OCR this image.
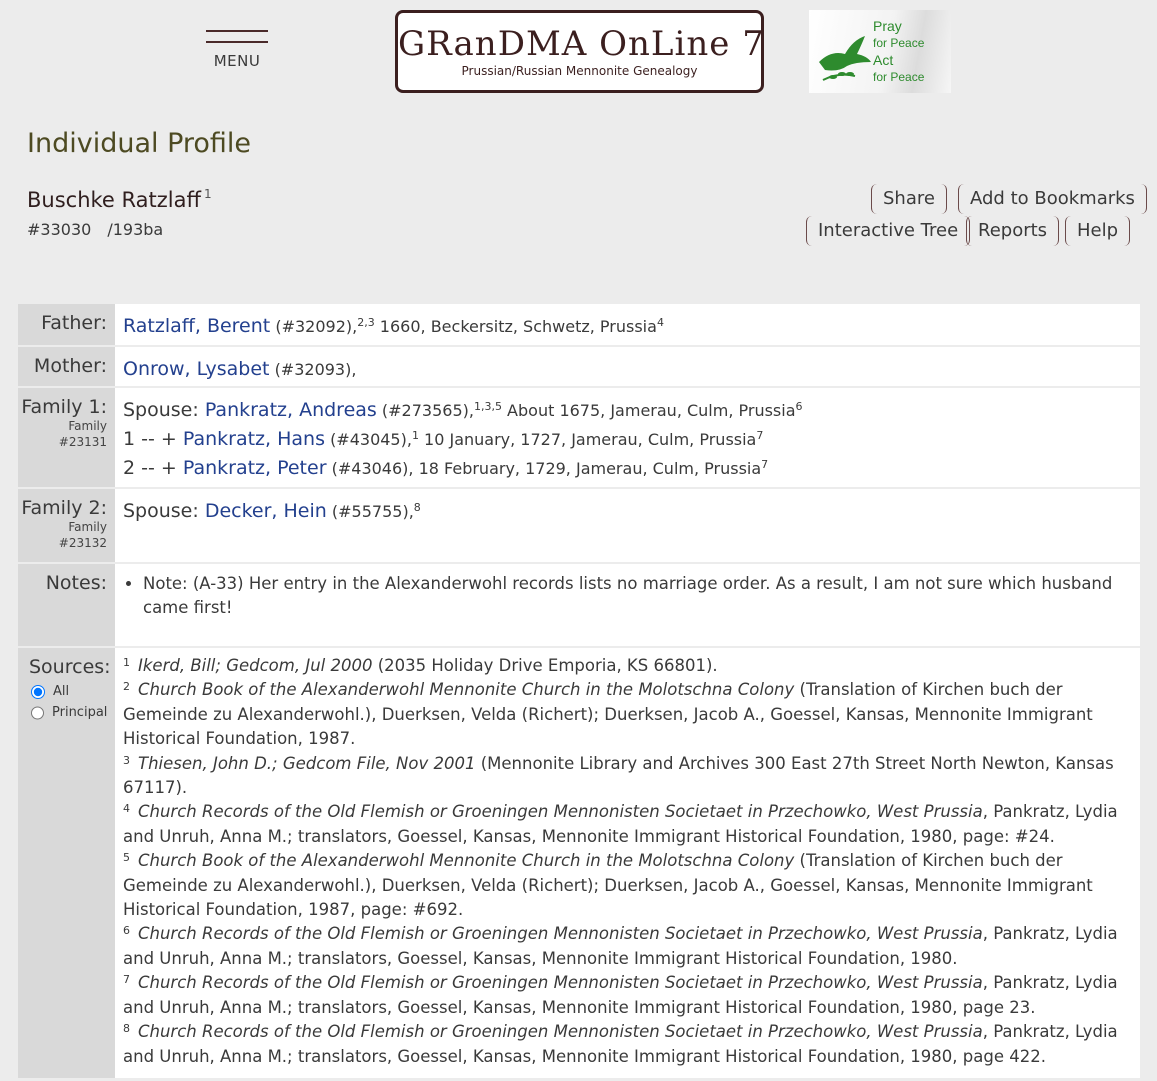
MENU	GRanDMA OnLine 7
Prussian/Russian Mennonite Genealogy
Pray
for Peace
Act
for Peace
Individual Profile
Buschke Ratzlaff $^1$
#33030 /193ba
Share	Add to Bookmarks
Interactive Tree	Reports	Help
Father: Ratzlaff, Berent (#32092),$^{2,3}$ 1660, Beckersitz, Schwetz, Prussia$^4$
Mother: Onrow, Lysabet (#32093),
Family 1:
Family
#23131
Spouse: Pankratz, Andreas (#273565),$^{1,3,5}$ About 1675, Jamerau, Culm, Prussia$^6$
1 -- + Pankratz, Hans (#43045),$^1$ 10 January, 1727, Jamerau, Culm, Prussia$^7$
2 -- + Pankratz, Peter (#43046), 18 February, 1729, Jamerau, Culm, Prussia$^7$
Family 2:
Family
#23132
Spouse: Decker, Hein (#55755),$^8$
Notes:
•	Note: (A-33) Her entry in the Alexanderwohl records lists no marriage order. As a result, I am not sure which husband came first!
Sources:
All
Principal
$^1$ Ikerd, Bill; Gedcom, Jul 2000 (2035 Holiday Drive Emporia, KS 66801).
$^2$ Church Book of the Alexanderwohl Mennonite Church in the Molotschna Colony (Translation of Kirchen buch der Gemeinde zu Alexanderwohl.), Duerksen, Velda (Richert); Duerksen, Jacob A., Goessel, Kansas, Mennonite Immigrant Historical Foundation, 1987.
$^3$ Thiesen, John D.; Gedcom File, Nov 2001 (Mennonite Library and Archives 300 East 27th Street North Newton, Kansas 67117).
$^4$ Church Records of the Old Flemish or Groeningen Mennonisten Societaet in Przechowko, West Prussia, Pankratz, Lydia and Unruh, Anna M.; translators, Goessel, Kansas, Mennonite Immigrant Historical Foundation, 1980, page: #24.
$^5$ Church Book of the Alexanderwohl Mennonite Church in the Molotschna Colony (Translation of Kirchen buch der Gemeinde zu Alexanderwohl.), Duerksen, Velda (Richert); Duerksen, Jacob A., Goessel, Kansas, Mennonite Immigrant Historical Foundation, 1987, page: #692.
$^6$ Church Records of the Old Flemish or Groeningen Mennonisten Societaet in Przechowko, West Prussia, Pankratz, Lydia and Unruh, Anna M.; translators, Goessel, Kansas, Mennonite Immigrant Historical Foundation, 1980.
$^7$ Church Records of the Old Flemish or Groeningen Mennonisten Societaet in Przechowko, West Prussia, Pankratz, Lydia and Unruh, Anna M.; translators, Goessel, Kansas, Mennonite Immigrant Historical Foundation, 1980, page 23.
$^8$ Church Records of the Old Flemish or Groeningen Mennonisten Societaet in Przechowko, West Prussia, Pankratz, Lydia and Unruh, Anna M.; translators, Goessel, Kansas, Mennonite Immigrant Historical Foundation, 1980, page 422.
